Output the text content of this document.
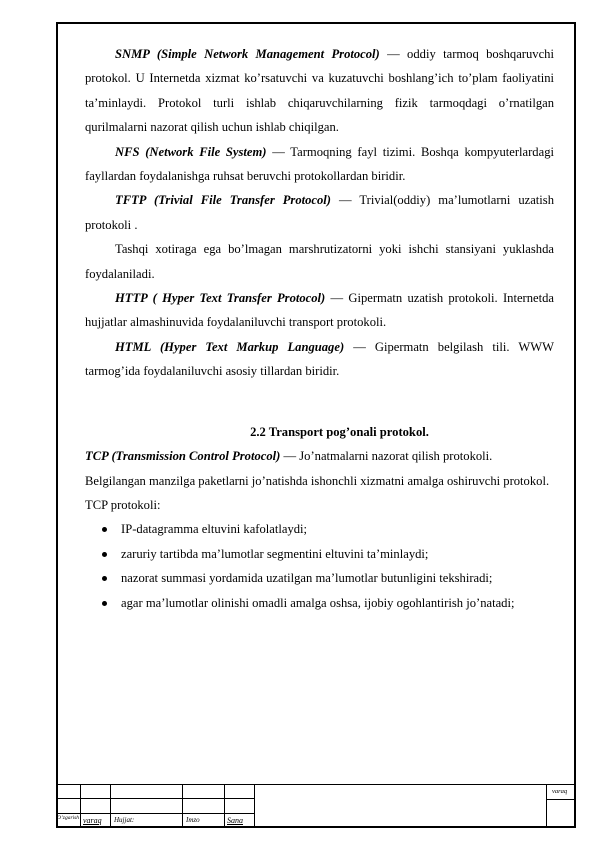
SNMP (Simple Network Management Protocol) — oddiy tarmoq boshqaruvchi protokol. U Internetda xizmat ko’rsatuvchi va kuzatuvchi boshlang’ich to’plam faoliyatini ta’minlaydi. Protokol turli ishlab chiqaruvchilarning fizik tarmoqdagi o’rnatilgan qurilmalarni nazorat qilish uchun ishlab chiqilgan.

NFS (Network File System) — Tarmoqning fayl tizimi. Boshqa kompyuterlardagi fayllardan foydalanishga ruhsat beruvchi protokollardan biridir.

TFTP (Trivial File Transfer Protocol) — Trivial(oddiy) ma’lumotlarni uzatish protokoli .

Tashqi xotiraga ega bo’lmagan marshrutizatorni yoki ishchi stansiyani yuklashda foydalaniladi.

HTTP ( Hyper Text Transfer Protocol) — Gipermatn uzatish protokoli. Internetda hujjatlar almashinuvida foydalaniluvchi transport protokoli.

HTML (Hyper Text Markup Language) — Gipermatn belgilash tili. WWW tarmog’ida foydalaniluvchi asosiy tillardan biridir.

2.2 Transport pog’onali protokol.

TCP (Transmission Control Protocol) — Jo’natmalarni nazorat qilish protokoli.

Belgilangan manzilga paketlarni jo’natishda ishonchli xizmatni amalga oshiruvchi protokol. TCP protokoli:

IP-datagramma eltuvini kafolatlaydi;
zaruriy tartibda ma’lumotlar segmentini eltuvini ta’minlaydi;
nazorat summasi yordamida uzatilgan ma’lumotlar butunligini tekshiradi;
agar ma’lumotlar olinishi omadli amalga oshsa, ijobiy ogohlantirish jo’natadi;
O’zgarish varaq Hujjat:	Imzo	Sana
varaq
